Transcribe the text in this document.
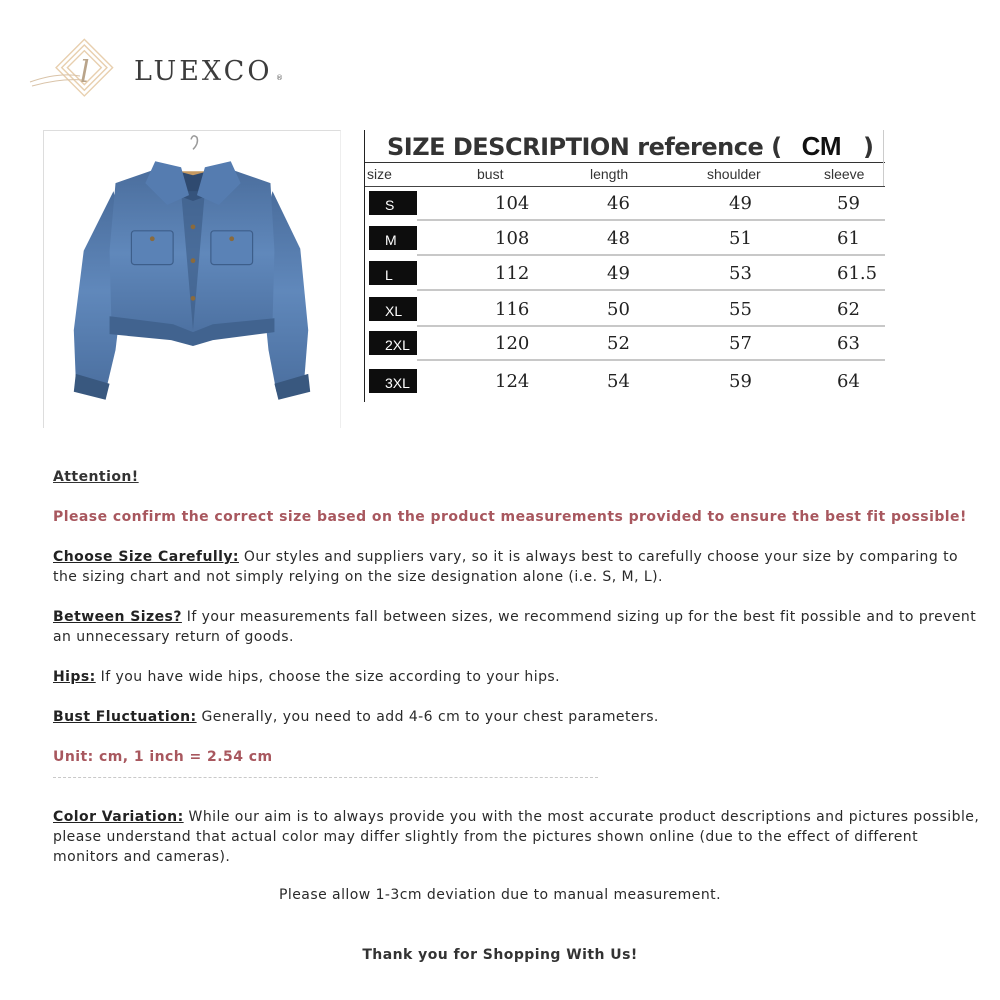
l LUEXCO ®
SIZE DESCRIPTION reference ( CM )
size	bust	length	shoulder	sleeve
S	104	46	49	59
M	108	48	51	61
L	112	49	53	61.5
XL	116	50	55	62
2XL	120	52	57	63
3XL	124	54	59	64
Attention!
Please confirm the correct size based on the product measurements provided to ensure the best fit possible!
Choose Size Carefully: Our styles and suppliers vary, so it is always best to carefully choose your size by comparing to
the sizing chart and not simply relying on the size designation alone (i.e. S, M, L).
Between Sizes? If your measurements fall between sizes, we recommend sizing up for the best fit possible and to prevent
an unnecessary return of goods.
Hips: If you have wide hips, choose the size according to your hips.
Bust Fluctuation: Generally, you need to add 4-6 cm to your chest parameters.
Unit: cm, 1 inch = 2.54 cm
Color Variation: While our aim is to always provide you with the most accurate product descriptions and pictures possible,
please understand that actual color may differ slightly from the pictures shown online (due to the effect of different
monitors and cameras).
Please allow 1-3cm deviation due to manual measurement.
Thank you for Shopping With Us!
